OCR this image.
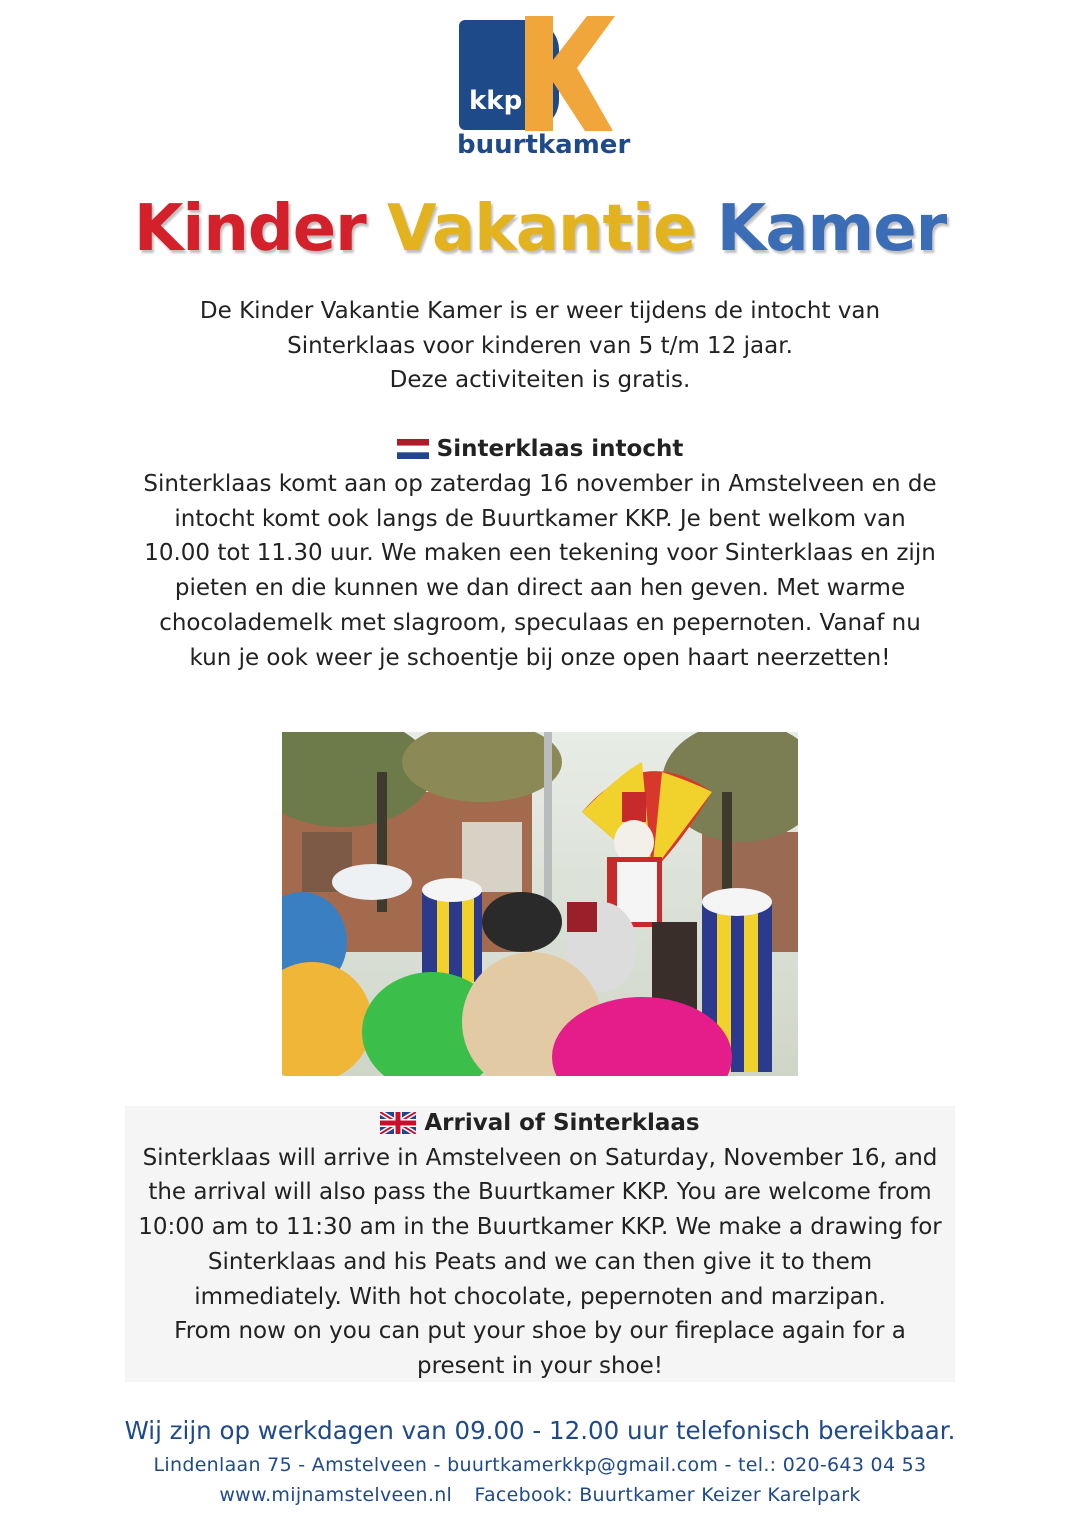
kkp
buurtkamer
Kinder Vakantie Kamer

De Kinder Vakantie Kamer is er weer tijdens de intocht van

Sinterklaas voor kinderen van 5 t/m 12 jaar.

Deze activiteiten is gratis.

Sinterklaas intocht
Sinterklaas komt aan op zaterdag 16 november in Amstelveen en de
intocht komt ook langs de Buurtkamer KKP. Je bent welkom van
10.00 tot 11.30 uur. We maken een tekening voor Sinterklaas en zijn
pieten en die kunnen we dan direct aan hen geven. Met warme
chocolademelk met slagroom, speculaas en pepernoten. Vanaf nu
kun je ook weer je schoentje bij onze open haart neerzetten!
Arrival of Sinterklaas
Sinterklaas will arrive in Amstelveen on Saturday, November 16, and
the arrival will also pass the Buurtkamer KKP. You are welcome from
10:00 am to 11:30 am in the Buurtkamer KKP. We make a drawing for
Sinterklaas and his Peats and we can then give it to them
immediately. With hot chocolate, pepernoten and marzipan.
From now on you can put your shoe by our fireplace again for a
present in your shoe!
Wij zijn op werkdagen van 09.00 - 12.00 uur telefonisch bereikbaar.
Lindenlaan 75 - Amstelveen - buurtkamerkkp@gmail.com - tel.: 020-643 04 53
www.mijnamstelveen.nl Facebook: Buurtkamer Keizer Karelpark
